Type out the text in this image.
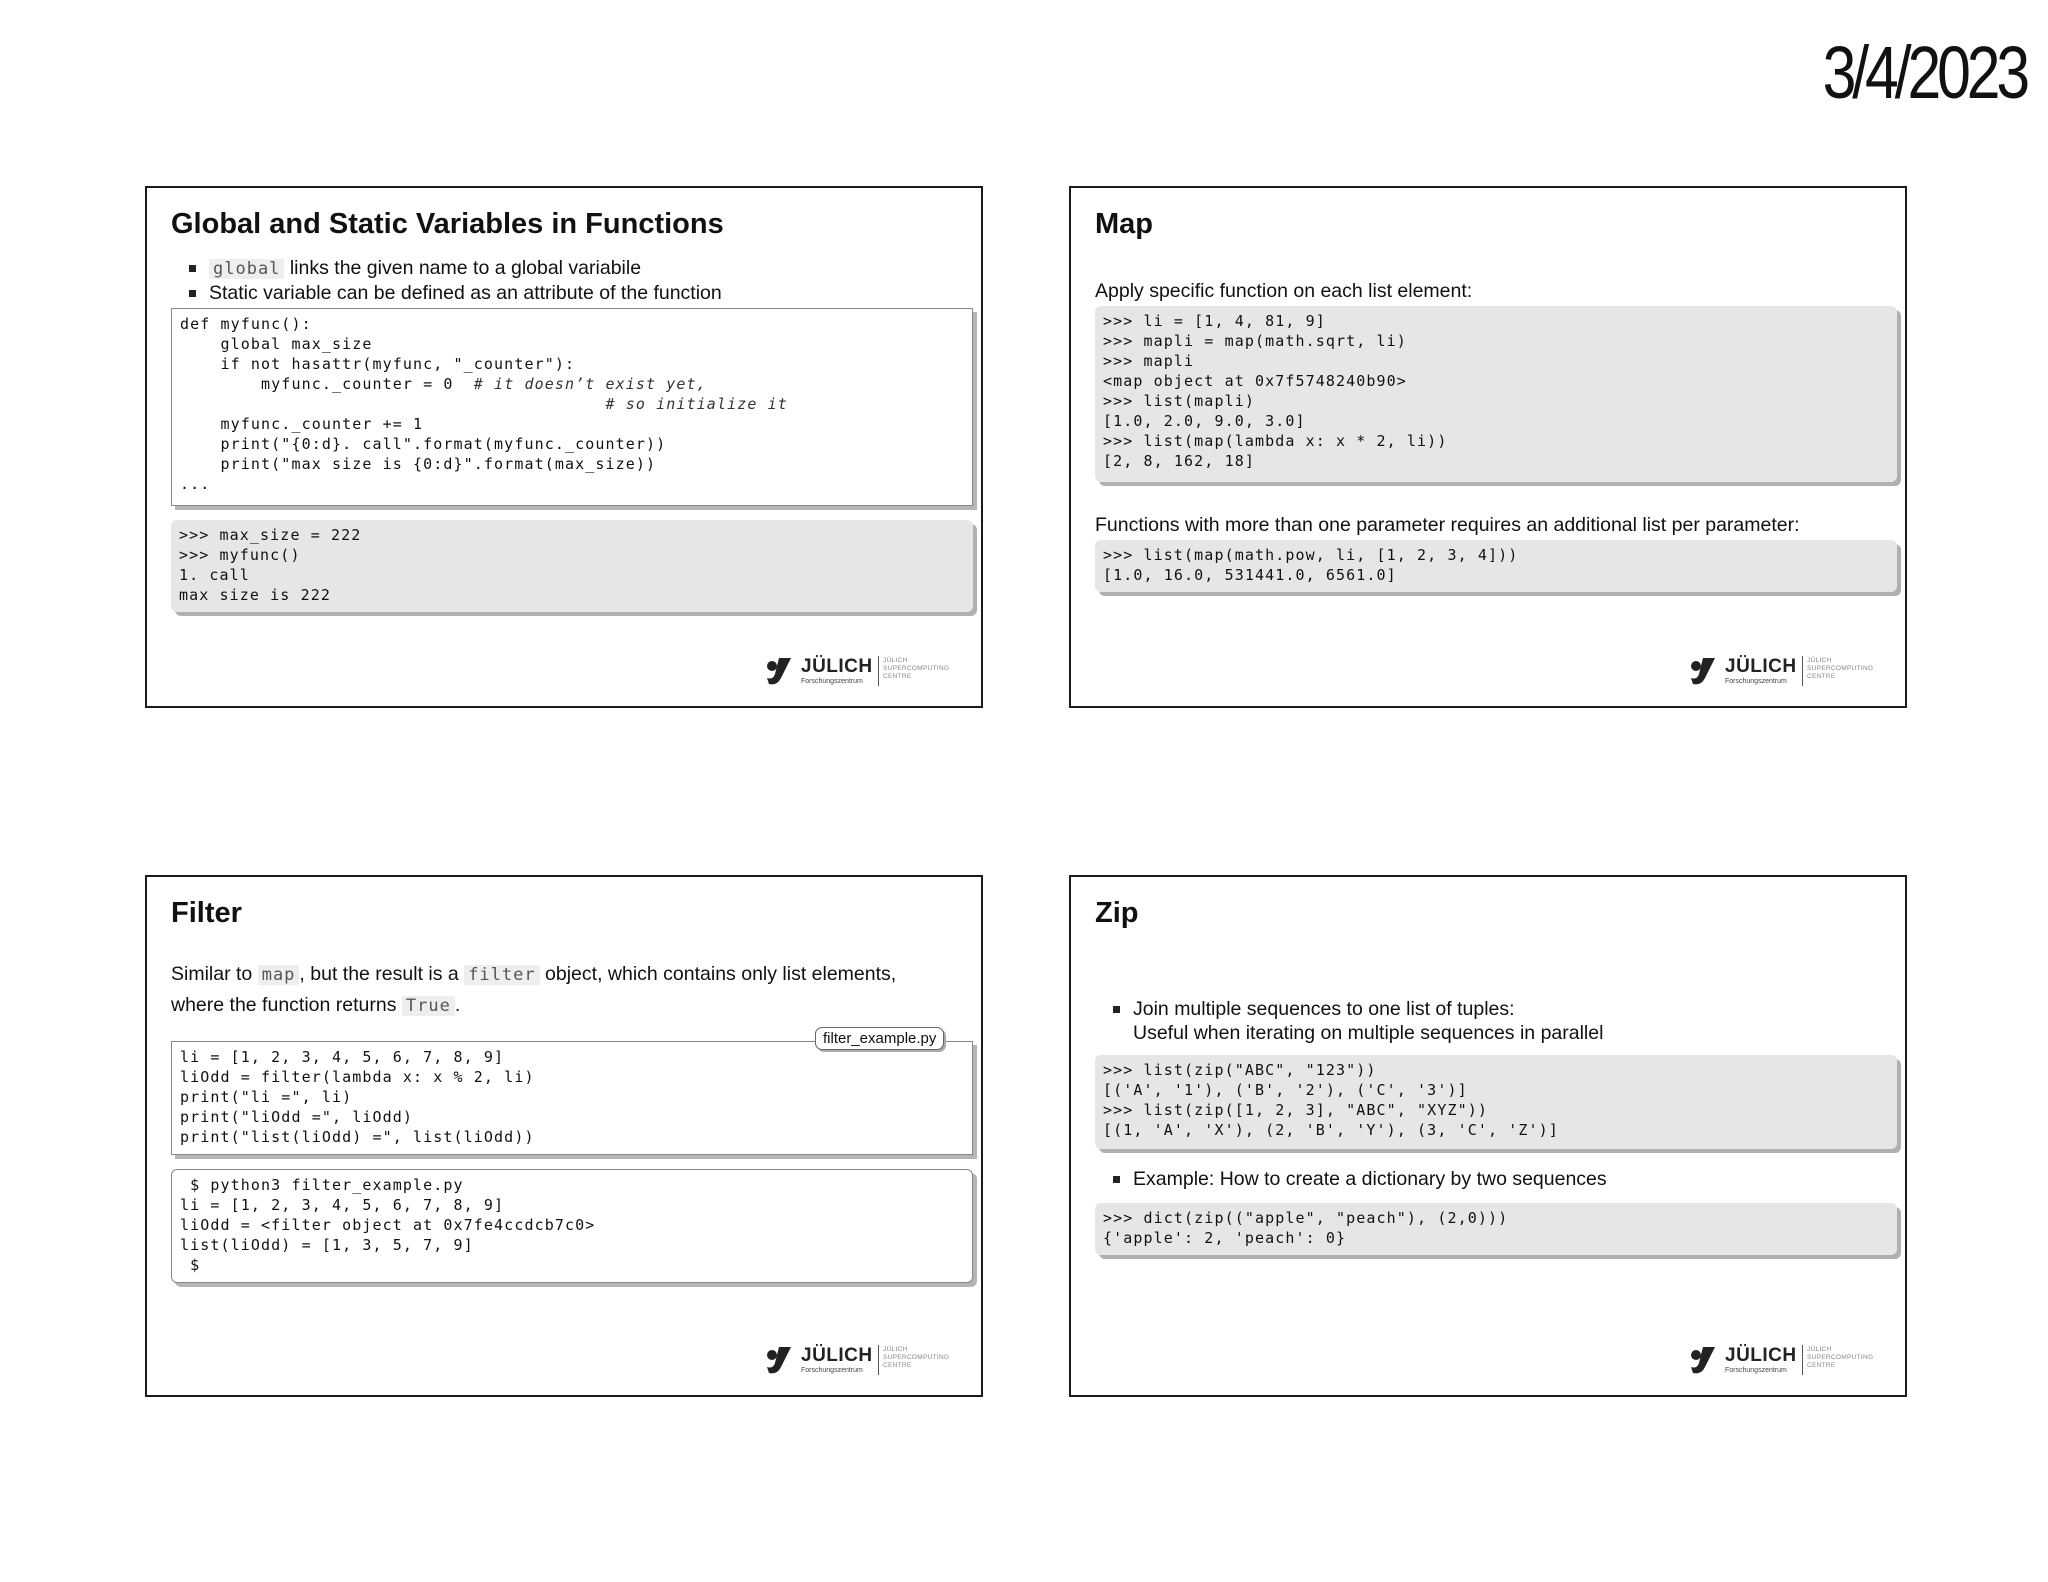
3/4/2023
Global and Static Variables in Functions
global links the given name to a global variabile
Static variable can be defined as an attribute of the function
def myfunc():
global max_size
if not hasattr(myfunc, "_counter"):
myfunc._counter = 0 # it doesn’t exist yet,
# so initialize it
myfunc._counter += 1
print("{0:d}. call".format(myfunc._counter))
print("max size is {0:d}".format(max_size))
...
>>> max_size = 222
>>> myfunc()
1. call
max size is 222
JÜLICH
Forschungszentrum
JÜLICH
SUPERCOMPUTING
CENTRE
Map
Apply specific function on each list element:
>>> li = [1, 4, 81, 9]
>>> mapli = map(math.sqrt, li)
>>> mapli
<map object at 0x7f5748240b90>
>>> list(mapli)
[1.0, 2.0, 9.0, 3.0]
>>> list(map(lambda x: x * 2, li))
[2, 8, 162, 18]
Functions with more than one parameter requires an additional list per parameter:
>>> list(map(math.pow, li, [1, 2, 3, 4]))
[1.0, 16.0, 531441.0, 6561.0]
JÜLICH
Forschungszentrum
JÜLICH
SUPERCOMPUTING
CENTRE
Filter
Similar to map , but the result is a filter object, which contains only list elements,
where the function returns True .
li = [1, 2, 3, 4, 5, 6, 7, 8, 9]
liOdd = filter(lambda x: x % 2, li)
print("li =", li)
print("liOdd =", liOdd)
print("list(liOdd) =", list(liOdd))
filter_example.py
$ python3 filter_example.py
li = [1, 2, 3, 4, 5, 6, 7, 8, 9]
liOdd = <filter object at 0x7fe4ccdcb7c0>
list(liOdd) = [1, 3, 5, 7, 9]
$
JÜLICH
Forschungszentrum
JÜLICH
SUPERCOMPUTING
CENTRE
Zip
Join multiple sequences to one list of tuples:
Useful when iterating on multiple sequences in parallel
>>> list(zip("ABC", "123"))
[('A', '1'), ('B', '2'), ('C', '3')]
>>> list(zip([1, 2, 3], "ABC", "XYZ"))
[(1, 'A', 'X'), (2, 'B', 'Y'), (3, 'C', 'Z')]
Example: How to create a dictionary by two sequences
>>> dict(zip(("apple", "peach"), (2,0)))
{'apple': 2, 'peach': 0}
JÜLICH
Forschungszentrum
JÜLICH
SUPERCOMPUTING
CENTRE
